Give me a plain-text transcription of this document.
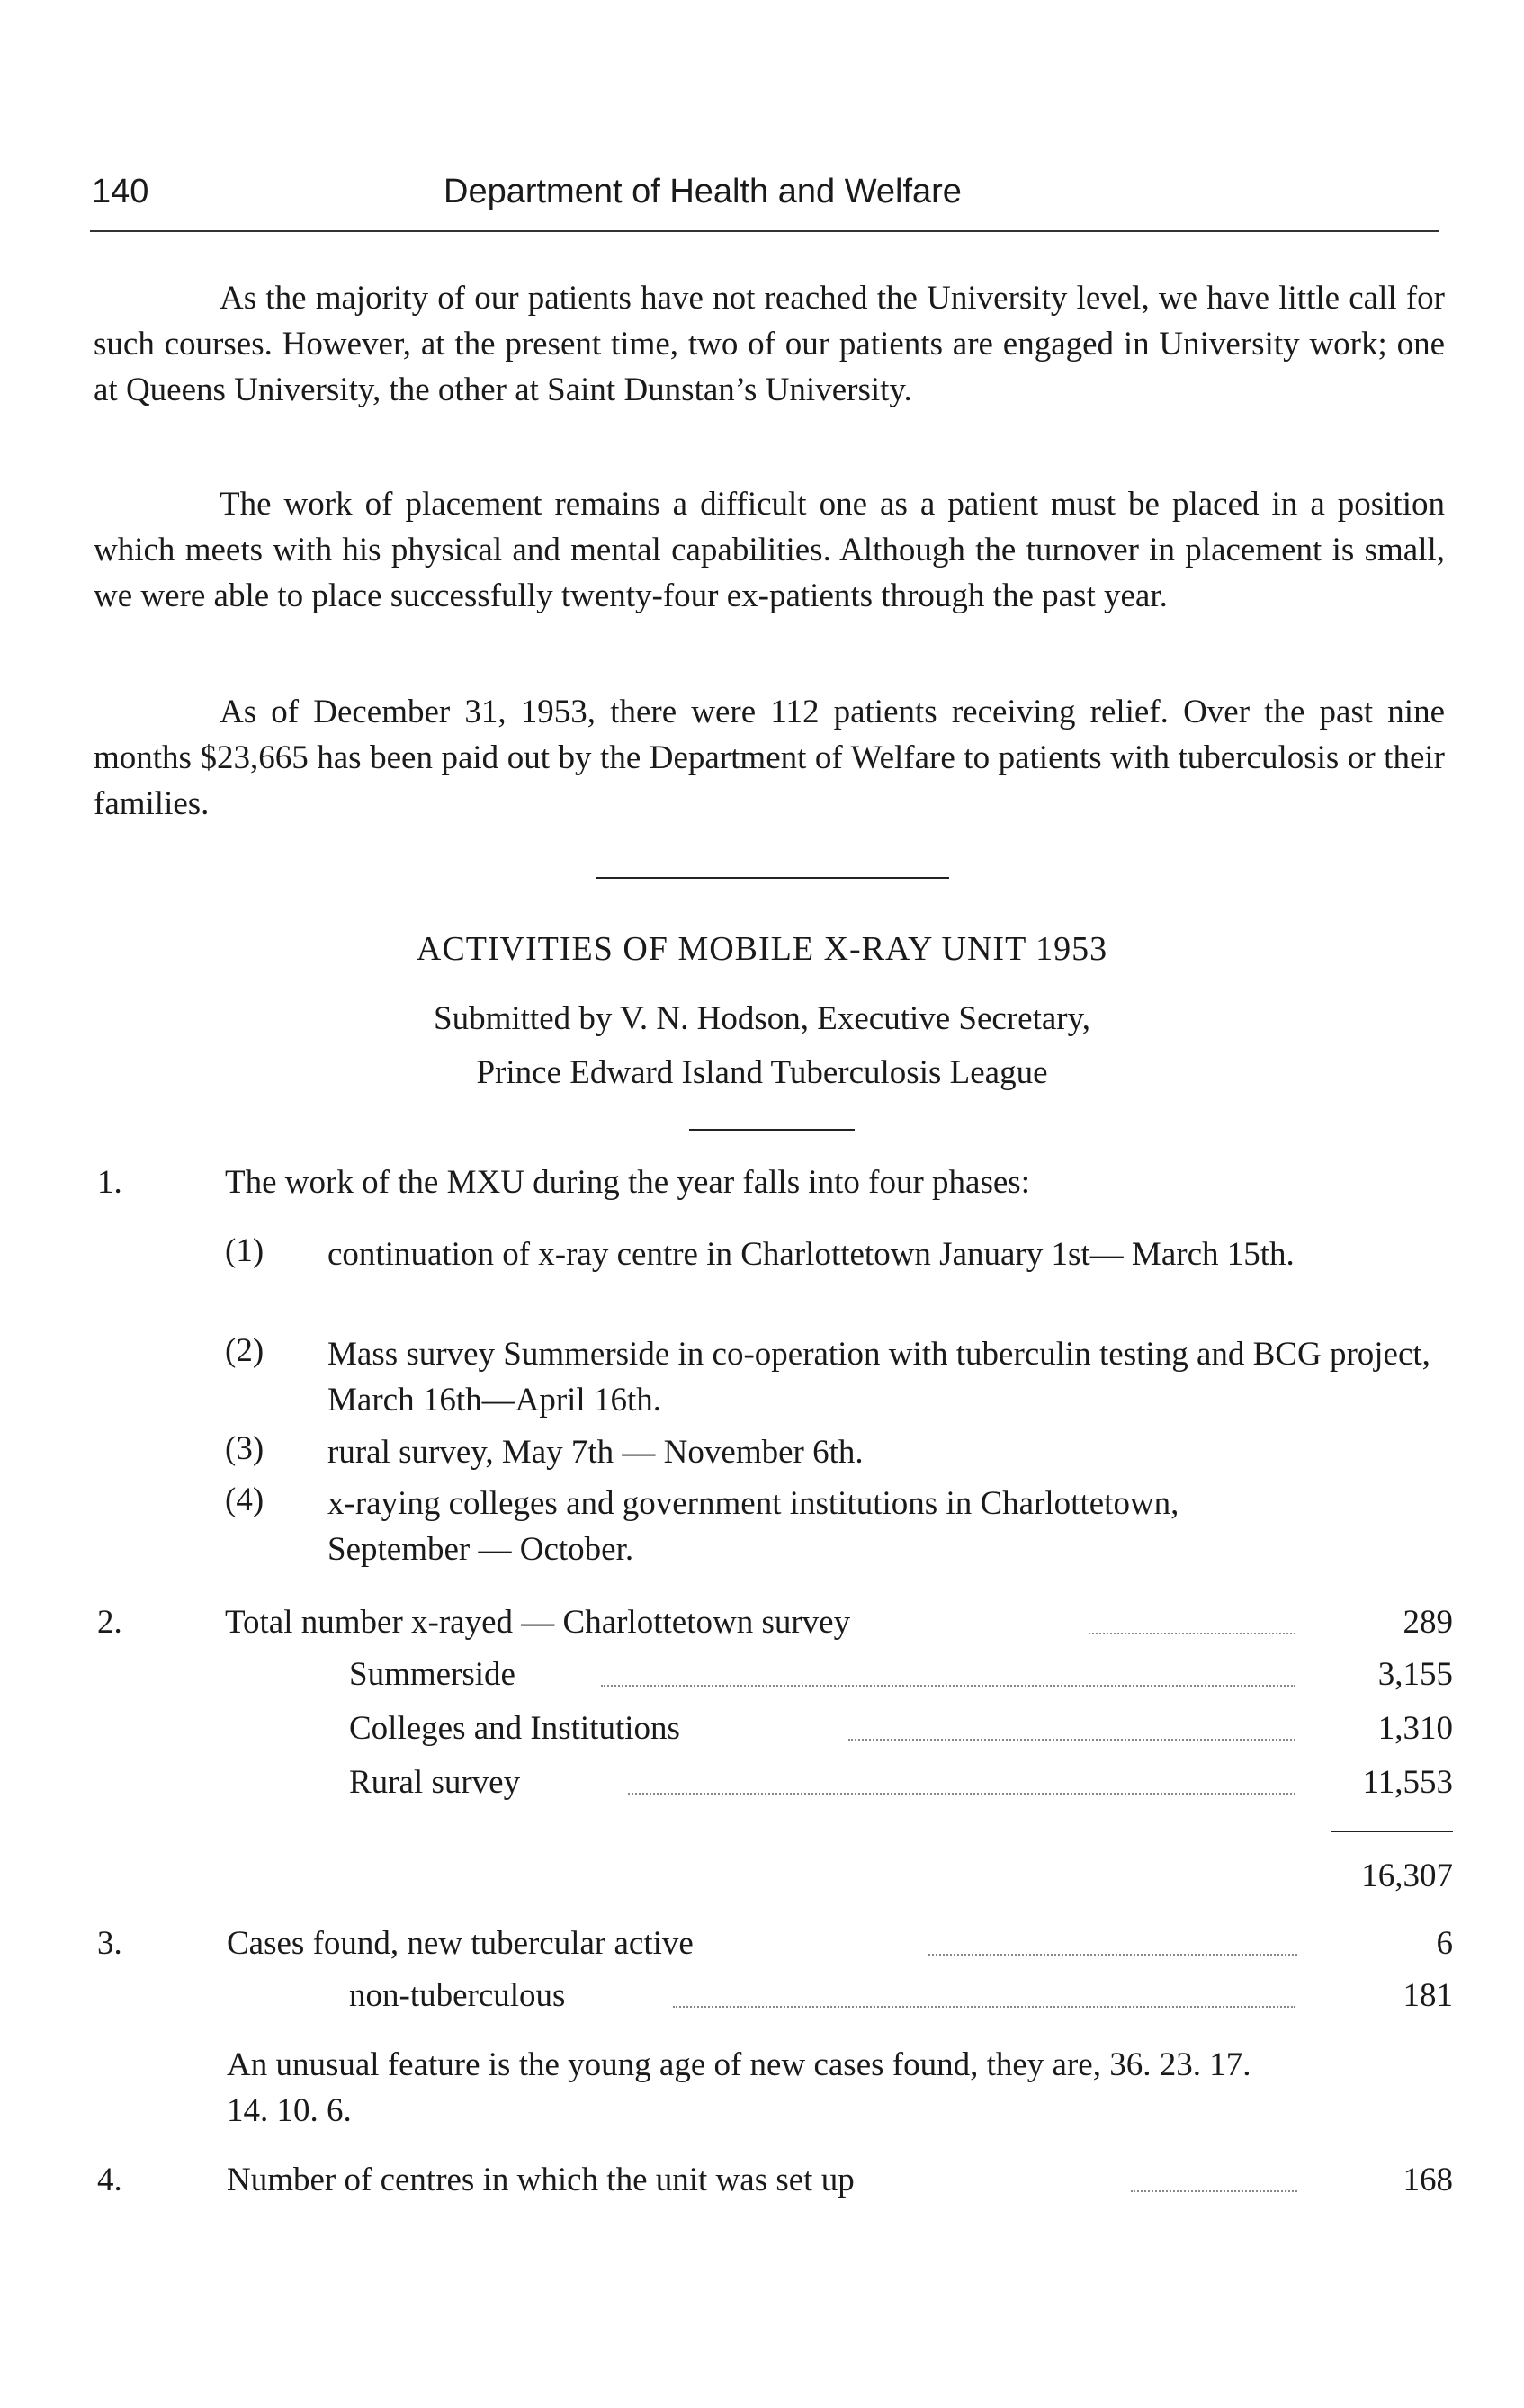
140	Department of Health and Welfare

As the majority of our patients have not reached the University level, we have little call for such courses. However, at the present time, two of our patients are engaged in University work; one at Queens University, the other at Saint Dunstan’s University.

The work of placement remains a difficult one as a patient must be placed in a position which meets with his physical and mental capabilities. Although the turnover in placement is small, we were able to place successfully twenty-four ex-patients through the past year.

As of December 31, 1953, there were 112 patients receiving relief. Over the past nine months $23,665 has been paid out by the Department of Welfare to patients with tuberculosis or their families.

ACTIVITIES OF MOBILE X-RAY UNIT 1953
Submitted by V. N. Hodson, Executive Secretary,
Prince Edward Island Tuberculosis League
1.	The work of the MXU during the year falls into four phases:
(1) continuation of x-ray centre in Charlottetown January 1st— March 15th.

(2) Mass survey Summerside in co-operation with tuberculin testing and BCG project, March 16th—April 16th.

(3) rural survey, May 7th — November 6th.

(4) x-raying colleges and government institutions in Charlottetown, September — October.

2.	Total number x-rayed — Charlottetown survey	289
Summerside	3,155
Colleges and Institutions	1,310
Rural survey	11,553
16,307
3.	Cases found, new tubercular active	6
non-tuberculous	181

An unusual feature is the young age of new cases found, they are, 36. 23. 17. 14. 10. 6.

4.	Number of centres in which the unit was set up	168
